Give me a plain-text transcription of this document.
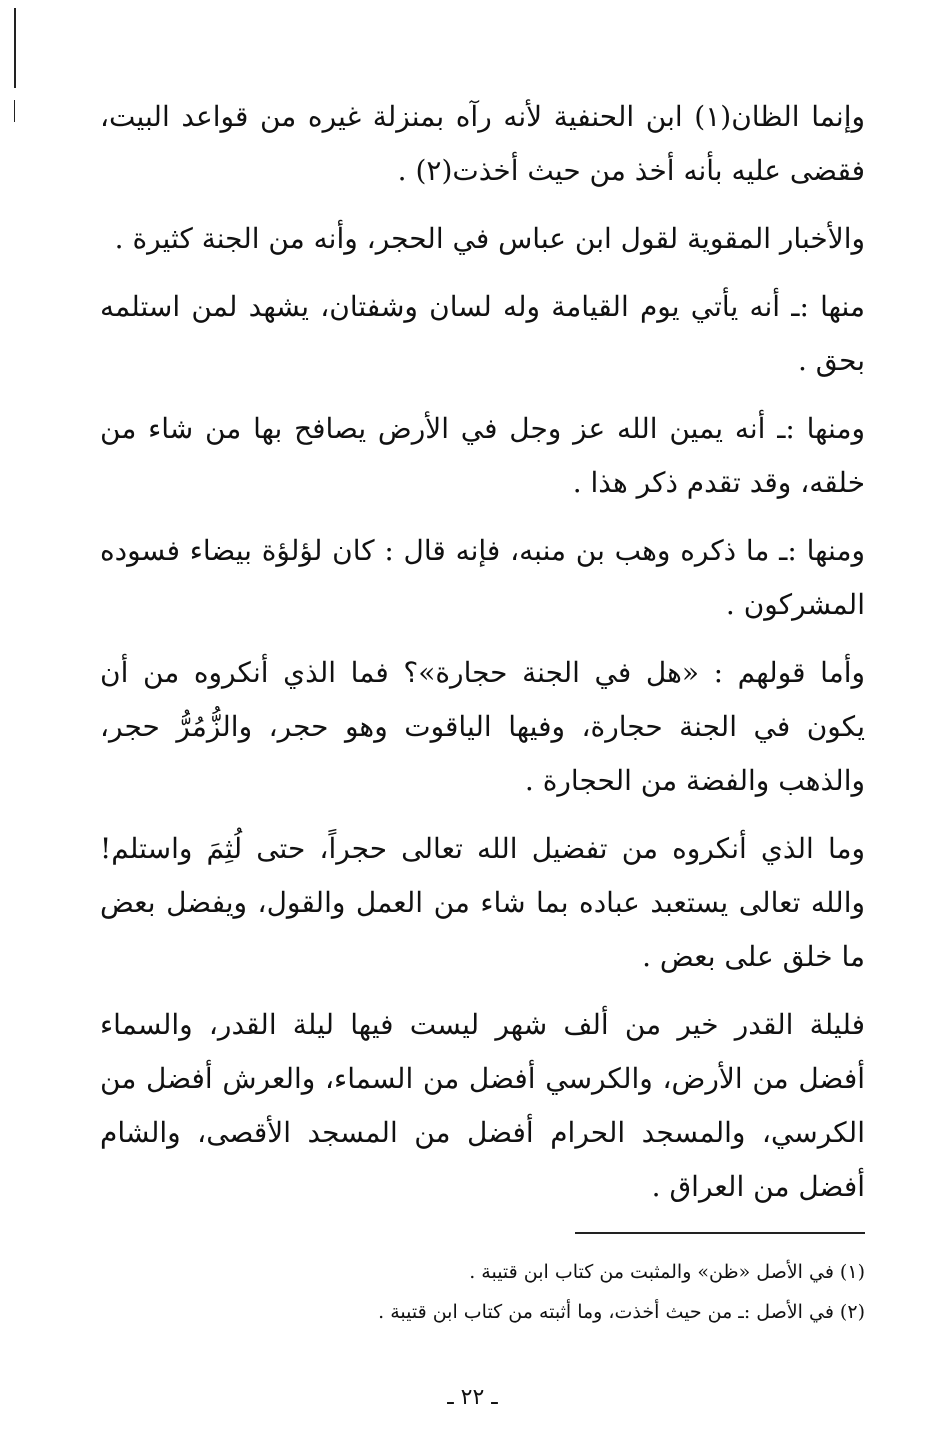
وإنما الظان(١) ابن الحنفية لأنه رآه بمنزلة غيره من قواعد البيت، فقضى عليه بأنه أخذ من حيث أخذت(٢) .

والأخبار المقوية لقول ابن عباس في الحجر، وأنه من الجنة كثيرة .

منها :ـ أنه يأتي يوم القيامة وله لسان وشفتان، يشهد لمن استلمه بحق .

ومنها :ـ أنه يمين الله عز وجل في الأرض يصافح بها من شاء من خلقه، وقد تقدم ذكر هذا .

ومنها :ـ ما ذكره وهب بن منبه، فإنه قال : كان لؤلؤة بيضاء فسوده المشركون .

وأما قولهم : «هل في الجنة حجارة»؟ فما الذي أنكروه من أن يكون في الجنة حجارة، وفيها الياقوت وهو حجر، والزُّمُرُّ حجر، والذهب والفضة من الحجارة .

وما الذي أنكروه من تفضيل الله تعالى حجراً، حتى لُثِمَ واستلم! والله تعالى يستعبد عباده بما شاء من العمل والقول، ويفضل بعض ما خلق على بعض .

فليلة القدر خير من ألف شهر ليست فيها ليلة القدر، والسماء أفضل من الأرض، والكرسي أفضل من السماء، والعرش أفضل من الكرسي، والمسجد الحرام أفضل من المسجد الأقصى، والشام أفضل من العراق .

(١) في الأصل «ظن» والمثبت من كتاب ابن قتيبة .

(٢) في الأصل :ـ من حيث أخذت، وما أثبته من كتاب ابن قتيبة .

ـ ٢٢ ـ
